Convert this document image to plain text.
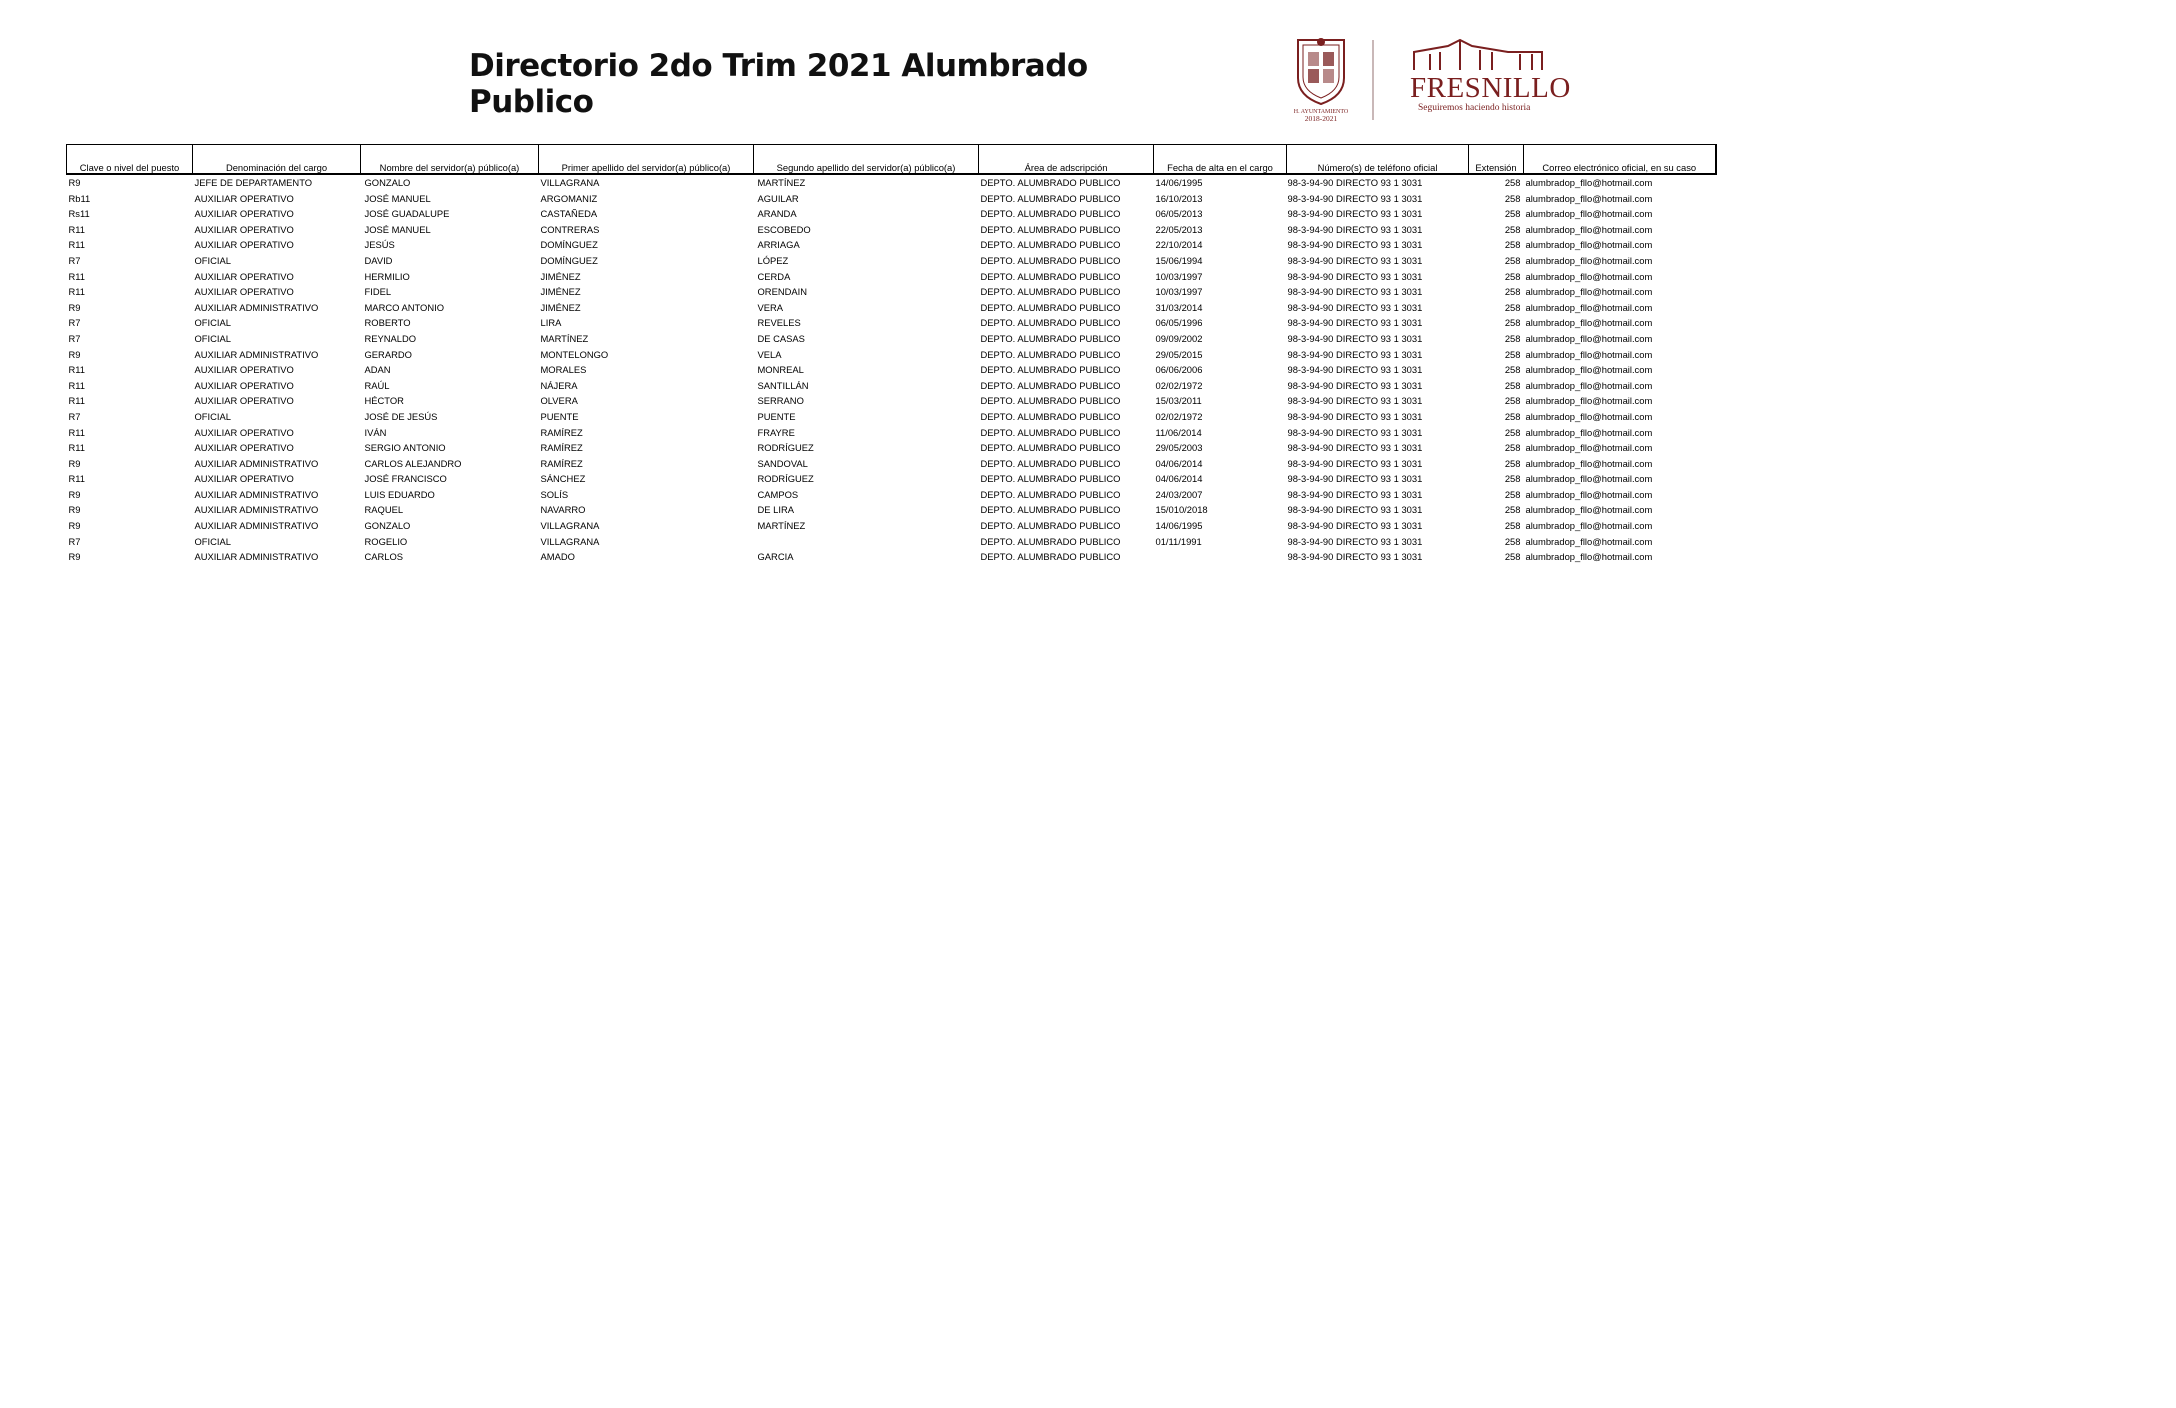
Directorio 2do Trim 2021 Alumbrado Publico	H. AYUNTAMIENTO
2018-2021
FRESNILLO
Seguiremos haciendo historia
Clave o nivel del puesto	Denominación del cargo	Nombre del servidor(a) público(a)	Primer apellido del servidor(a) público(a)	Segundo apellido del servidor(a) público(a)	Área de adscripción	Fecha de alta en el cargo	Número(s) de teléfono oficial	Extensión	Correo electrónico oficial, en su caso
R9	JEFE DE DEPARTAMENTO	GONZALO	VILLAGRANA	MARTÍNEZ	DEPTO. ALUMBRADO PUBLICO	14/06/1995	98-3-94-90 DIRECTO 93 1 3031	258	alumbradop_fllo@hotmail.com
Rb11	AUXILIAR OPERATIVO	JOSÉ MANUEL	ARGOMANIZ	AGUILAR	DEPTO. ALUMBRADO PUBLICO	16/10/2013	98-3-94-90 DIRECTO 93 1 3031	258	alumbradop_fllo@hotmail.com
Rs11	AUXILIAR OPERATIVO	JOSÉ GUADALUPE	CASTAÑEDA	ARANDA	DEPTO. ALUMBRADO PUBLICO	06/05/2013	98-3-94-90 DIRECTO 93 1 3031	258	alumbradop_fllo@hotmail.com
R11	AUXILIAR OPERATIVO	JOSÉ MANUEL	CONTRERAS	ESCOBEDO	DEPTO. ALUMBRADO PUBLICO	22/05/2013	98-3-94-90 DIRECTO 93 1 3031	258	alumbradop_fllo@hotmail.com
R11	AUXILIAR OPERATIVO	JESÚS	DOMÍNGUEZ	ARRIAGA	DEPTO. ALUMBRADO PUBLICO	22/10/2014	98-3-94-90 DIRECTO 93 1 3031	258	alumbradop_fllo@hotmail.com
R7	OFICIAL	DAVID	DOMÍNGUEZ	LÓPEZ	DEPTO. ALUMBRADO PUBLICO	15/06/1994	98-3-94-90 DIRECTO 93 1 3031	258	alumbradop_fllo@hotmail.com
R11	AUXILIAR OPERATIVO	HERMILIO	JIMÉNEZ	CERDA	DEPTO. ALUMBRADO PUBLICO	10/03/1997	98-3-94-90 DIRECTO 93 1 3031	258	alumbradop_fllo@hotmail.com
R11	AUXILIAR OPERATIVO	FIDEL	JIMÉNEZ	ORENDAIN	DEPTO. ALUMBRADO PUBLICO	10/03/1997	98-3-94-90 DIRECTO 93 1 3031	258	alumbradop_fllo@hotmail.com
R9	AUXILIAR ADMINISTRATIVO	MARCO ANTONIO	JIMÉNEZ	VERA	DEPTO. ALUMBRADO PUBLICO	31/03/2014	98-3-94-90 DIRECTO 93 1 3031	258	alumbradop_fllo@hotmail.com
R7	OFICIAL	ROBERTO	LIRA	REVELES	DEPTO. ALUMBRADO PUBLICO	06/05/1996	98-3-94-90 DIRECTO 93 1 3031	258	alumbradop_fllo@hotmail.com
R7	OFICIAL	REYNALDO	MARTÍNEZ	DE CASAS	DEPTO. ALUMBRADO PUBLICO	09/09/2002	98-3-94-90 DIRECTO 93 1 3031	258	alumbradop_fllo@hotmail.com
R9	AUXILIAR ADMINISTRATIVO	GERARDO	MONTELONGO	VELA	DEPTO. ALUMBRADO PUBLICO	29/05/2015	98-3-94-90 DIRECTO 93 1 3031	258	alumbradop_fllo@hotmail.com
R11	AUXILIAR OPERATIVO	ADAN	MORALES	MONREAL	DEPTO. ALUMBRADO PUBLICO	06/06/2006	98-3-94-90 DIRECTO 93 1 3031	258	alumbradop_fllo@hotmail.com
R11	AUXILIAR OPERATIVO	RAÚL	NÁJERA	SANTILLÁN	DEPTO. ALUMBRADO PUBLICO	02/02/1972	98-3-94-90 DIRECTO 93 1 3031	258	alumbradop_fllo@hotmail.com
R11	AUXILIAR OPERATIVO	HÉCTOR	OLVERA	SERRANO	DEPTO. ALUMBRADO PUBLICO	15/03/2011	98-3-94-90 DIRECTO 93 1 3031	258	alumbradop_fllo@hotmail.com
R7	OFICIAL	JOSÉ DE JESÚS	PUENTE	PUENTE	DEPTO. ALUMBRADO PUBLICO	02/02/1972	98-3-94-90 DIRECTO 93 1 3031	258	alumbradop_fllo@hotmail.com
R11	AUXILIAR OPERATIVO	IVÁN	RAMÍREZ	FRAYRE	DEPTO. ALUMBRADO PUBLICO	11/06/2014	98-3-94-90 DIRECTO 93 1 3031	258	alumbradop_fllo@hotmail.com
R11	AUXILIAR OPERATIVO	SERGIO ANTONIO	RAMÍREZ	RODRÍGUEZ	DEPTO. ALUMBRADO PUBLICO	29/05/2003	98-3-94-90 DIRECTO 93 1 3031	258	alumbradop_fllo@hotmail.com
R9	AUXILIAR ADMINISTRATIVO	CARLOS ALEJANDRO	RAMÍREZ	SANDOVAL	DEPTO. ALUMBRADO PUBLICO	04/06/2014	98-3-94-90 DIRECTO 93 1 3031	258	alumbradop_fllo@hotmail.com
R11	AUXILIAR OPERATIVO	JOSÉ FRANCISCO	SÁNCHEZ	RODRÍGUEZ	DEPTO. ALUMBRADO PUBLICO	04/06/2014	98-3-94-90 DIRECTO 93 1 3031	258	alumbradop_fllo@hotmail.com
R9	AUXILIAR ADMINISTRATIVO	LUIS EDUARDO	SOLÍS	CAMPOS	DEPTO. ALUMBRADO PUBLICO	24/03/2007	98-3-94-90 DIRECTO 93 1 3031	258	alumbradop_fllo@hotmail.com
R9	AUXILIAR ADMINISTRATIVO	RAQUEL	NAVARRO	DE LIRA	DEPTO. ALUMBRADO PUBLICO	15/010/2018	98-3-94-90 DIRECTO 93 1 3031	258	alumbradop_fllo@hotmail.com
R9	AUXILIAR ADMINISTRATIVO	GONZALO	VILLAGRANA	MARTÍNEZ	DEPTO. ALUMBRADO PUBLICO	14/06/1995	98-3-94-90 DIRECTO 93 1 3031	258	alumbradop_fllo@hotmail.com
R7	OFICIAL	ROGELIO	VILLAGRANA		DEPTO. ALUMBRADO PUBLICO	01/11/1991	98-3-94-90 DIRECTO 93 1 3031	258	alumbradop_fllo@hotmail.com
R9	AUXILIAR ADMINISTRATIVO	CARLOS	AMADO	GARCIA	DEPTO. ALUMBRADO PUBLICO		98-3-94-90 DIRECTO 93 1 3031	258	alumbradop_fllo@hotmail.com
